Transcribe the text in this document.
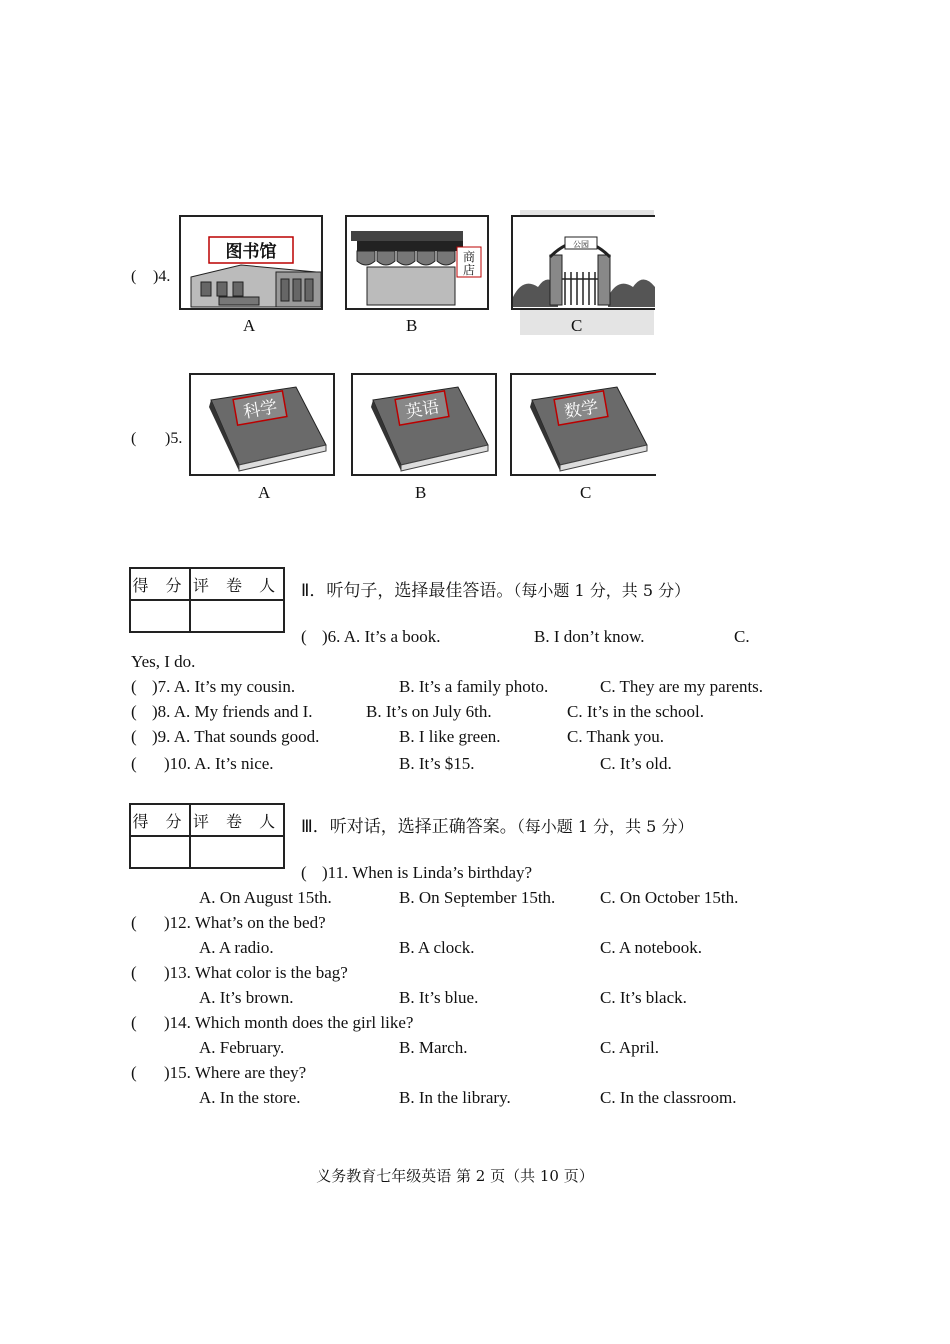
( )4.
图书馆	商
店
公园
A	B	C
( )5.
科学	英语	数学
A	B	C
得 分	评 卷 人
	Ⅱ．听句子，选择最佳答语。（每小题 1 分，共 5 分）
( )6. A. It’s a book.	B. I don’t know.	C.
Yes, I do.
( )7. A. It’s my cousin.	B. It’s a family photo.	C. They are my parents.
( )8. A. My friends and I.	B. It’s on July 6th.	C. It’s in the school.
( )9. A. That sounds good.	B. I like green.	C. Thank you.
( )10. A. It’s nice.	B. It’s $15.	C. It’s old.
得 分	评 卷 人
	Ⅲ．听对话，选择正确答案。（每小题 1 分，共 5 分）
( )11. When is Linda’s birthday?
A. On August 15th.	B. On September 15th.	C. On October 15th.
( )12. What’s on the bed?
A. A radio.	B. A clock.	C. A notebook.
( )13. What color is the bag?
A. It’s brown.	B. It’s blue.	C. It’s black.
( )14. Which month does the girl like?
A. February.	B. March.	C. April.
( )15. Where are they?
A. In the store.	B. In the library.	C. In the classroom.
义务教育七年级英语 第 2 页（共 10 页）
